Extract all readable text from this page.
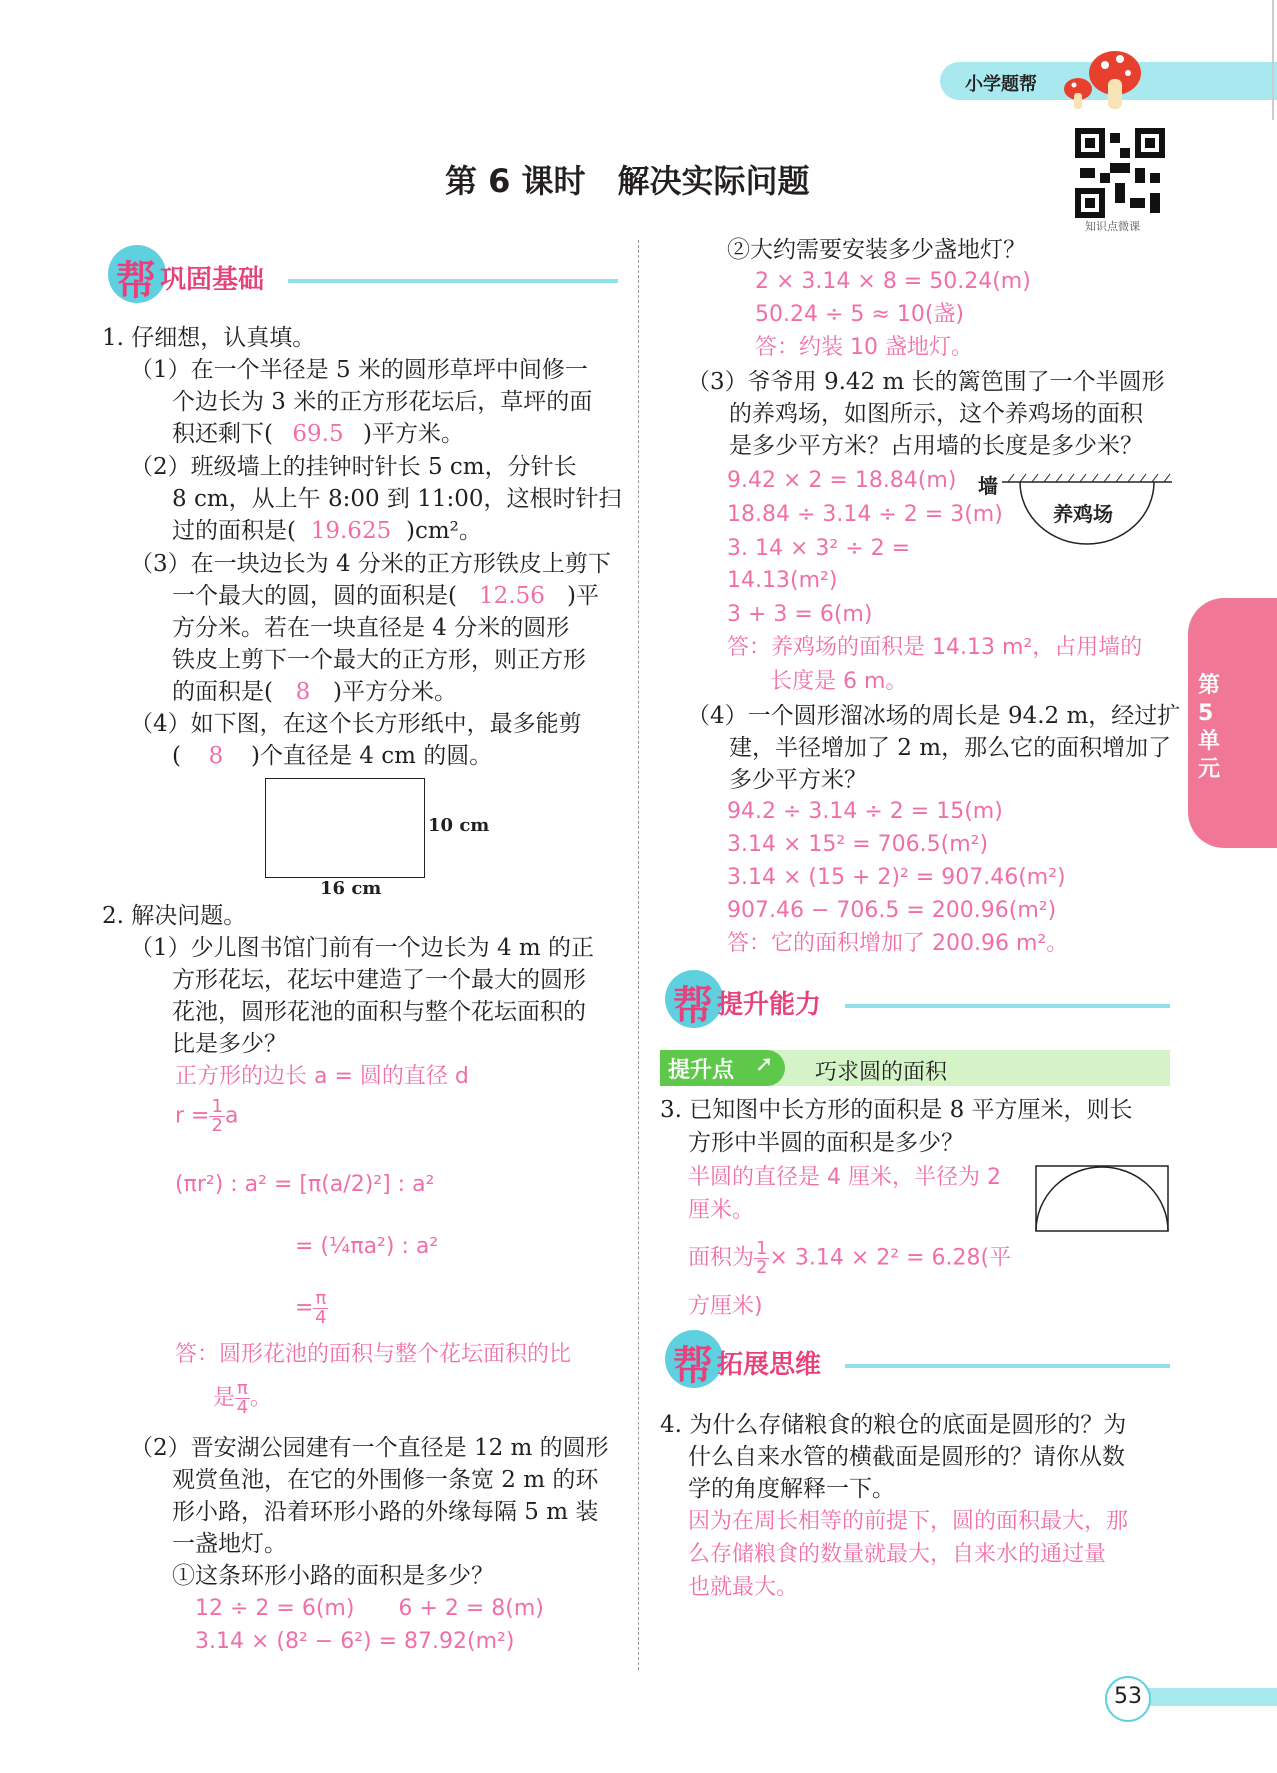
小学题帮
知识点微课
第 6 课时　解决实际问题
第5单元
帮 巩固基础
1. 仔细想，认真填。
（1）在一个半径是 5 米的圆形草坪中间修一
个边长为 3 米的正方形花坛后，草坪的面
积还剩下( 69.5 )平方米。
（2）班级墙上的挂钟时针长 5 cm，分针长
8 cm，从上午 8:00 到 11:00，这根时针扫
过的面积是( 19.625 )cm²。
（3）在一块边长为 4 分米的正方形铁皮上剪下
一个最大的圆，圆的面积是( 12.56 )平
方分米。若在一块直径是 4 分米的圆形
铁皮上剪下一个最大的正方形，则正方形
的面积是( 8 )平方分米。
（4）如下图，在这个长方形纸中，最多能剪
( 8 )个直径是 4 cm 的圆。
10 cm
16 cm
2. 解决问题。
（1）少儿图书馆门前有一个边长为 4 m 的正
方形花坛，花坛中建造了一个最大的圆形
花池，圆形花池的面积与整个花坛面积的
比是多少？
正方形的边长 a = 圆的直径 d
$r = \frac{1}{2}$ a
(πr²) : a² = [π(a/2)²] : a²
= (¼πa²) : a²
= $\frac{\pi}{4}$
答：圆形花池的面积与整个花坛面积的比
是 $\frac{\pi}{4}$ 。
（2）晋安湖公园建有一个直径是 12 m 的圆形
观赏鱼池，在它的外围修一条宽 2 m 的环
形小路，沿着环形小路的外缘每隔 5 m 装
一盏地灯。
①这条环形小路的面积是多少？
12 ÷ 2 = 6(m)　　6 + 2 = 8(m)
3.14 × (8² − 6²) = 87.92(m²)
②大约需要安装多少盏地灯？
2 × 3.14 × 8 = 50.24(m)
50.24 ÷ 5 ≈ 10(盏)
答：约装 10 盏地灯。
（3）爷爷用 9.42 m 长的篱笆围了一个半圆形
的养鸡场，如图所示，这个养鸡场的面积
是多少平方米？占用墙的长度是多少米？
9.42 × 2 = 18.84(m)
18.84 ÷ 3.14 ÷ 2 = 3(m)
3. 14 × 3² ÷ 2 =
14.13(m²)
3 + 3 = 6(m)
答：养鸡场的面积是 14.13 m²，占用墙的
长度是 6 m。
墙
养鸡场
（4）一个圆形溜冰场的周长是 94.2 m，经过扩
建，半径增加了 2 m，那么它的面积增加了
多少平方米？
94.2 ÷ 3.14 ÷ 2 = 15(m)
3.14 × 15² = 706.5(m²)
3.14 × (15 + 2)² = 907.46(m²)
907.46 − 706.5 = 200.96(m²)
答：它的面积增加了 200.96 m²。
帮 提升能力
提升点 ➚ 巧求圆的面积
3. 已知图中长方形的面积是 8 平方厘米，则长
方形中半圆的面积是多少？
半圆的直径是 4 厘米，半径为 2
厘米。
面积为 $\frac{1}{2} \times 3.14 \times 2^2 = 6.28$(平
方厘米)
帮 拓展思维
4. 为什么存储粮食的粮仓的底面是圆形的？为
什么自来水管的横截面是圆形的？请你从数
学的角度解释一下。
因为在周长相等的前提下，圆的面积最大，那
么存储粮食的数量就最大，自来水的通过量
也就最大。
53
